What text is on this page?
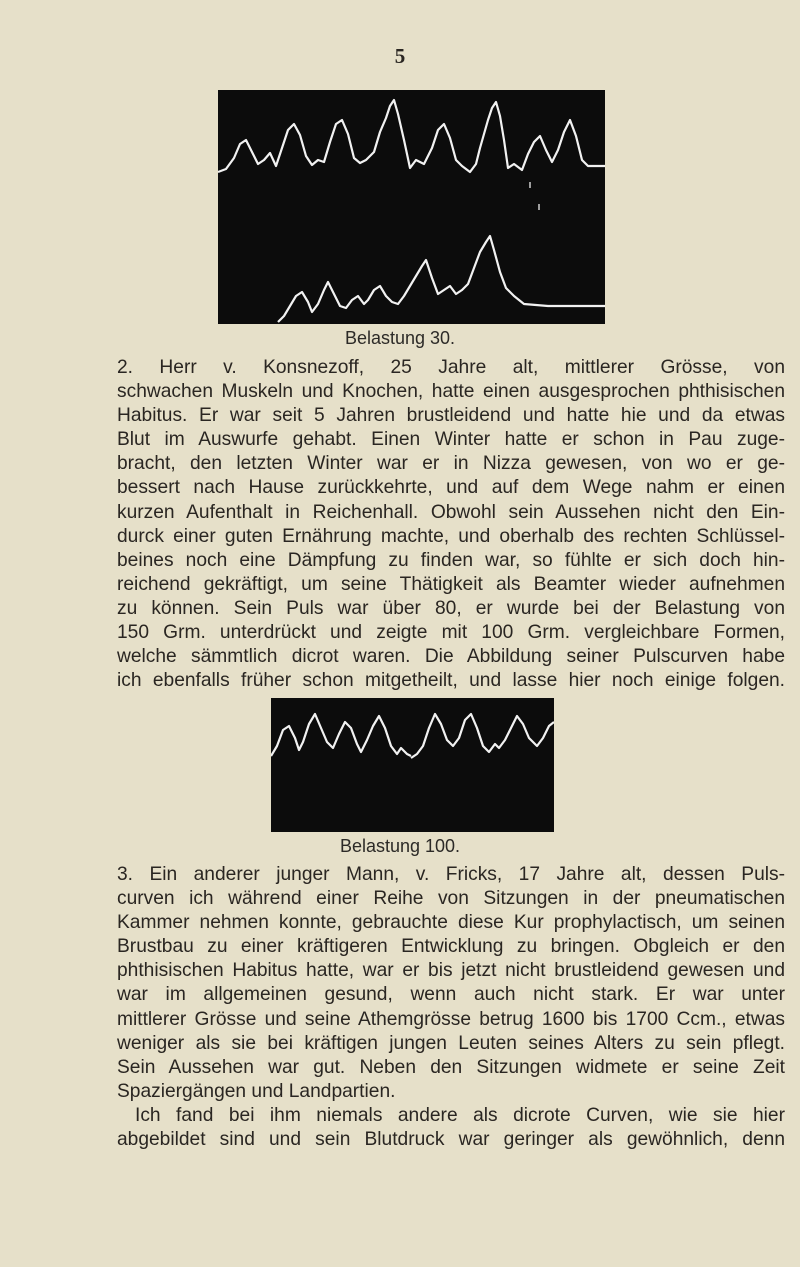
5
Belastung 30.
2. Herr v. Konsnezoff, 25 Jahre alt, mittlerer Grösse, von
schwachen Muskeln und Knochen, hatte einen ausgesprochen phthisischen
Habitus. Er war seit 5 Jahren brustleidend und hatte hie und da etwas
Blut im Auswurfe gehabt. Einen Winter hatte er schon in Pau zuge-
bracht, den letzten Winter war er in Nizza gewesen, von wo er ge-
bessert nach Hause zurückkehrte, und auf dem Wege nahm er einen
kurzen Aufenthalt in Reichenhall. Obwohl sein Aussehen nicht den Ein-
durck einer guten Ernährung machte, und oberhalb des rechten Schlüssel-
beines noch eine Dämpfung zu finden war, so fühlte er sich doch hin-
reichend gekräftigt, um seine Thätigkeit als Beamter wieder aufnehmen
zu können. Sein Puls war über 80, er wurde bei der Belastung von
150 Grm. unterdrückt und zeigte mit 100 Grm. vergleichbare Formen,
welche sämmtlich dicrot waren. Die Abbildung seiner Pulscurven habe
ich ebenfalls früher schon mitgetheilt, und lasse hier noch einige folgen.
Belastung 100.
3. Ein anderer junger Mann, v. Fricks, 17 Jahre alt, dessen Puls-
curven ich während einer Reihe von Sitzungen in der pneumatischen
Kammer nehmen konnte, gebrauchte diese Kur prophylactisch, um seinen
Brustbau zu einer kräftigeren Entwicklung zu bringen. Obgleich er den
phthisischen Habitus hatte, war er bis jetzt nicht brustleidend gewesen und
war im allgemeinen gesund, wenn auch nicht stark. Er war unter
mittlerer Grösse und seine Athemgrösse betrug 1600 bis 1700 Ccm., etwas
weniger als sie bei kräftigen jungen Leuten seines Alters zu sein pflegt.
Sein Aussehen war gut. Neben den Sitzungen widmete er seine Zeit
Spaziergängen und Landpartien.
Ich fand bei ihm niemals andere als dicrote Curven, wie sie hier
abgebildet sind und sein Blutdruck war geringer als gewöhnlich, denn
